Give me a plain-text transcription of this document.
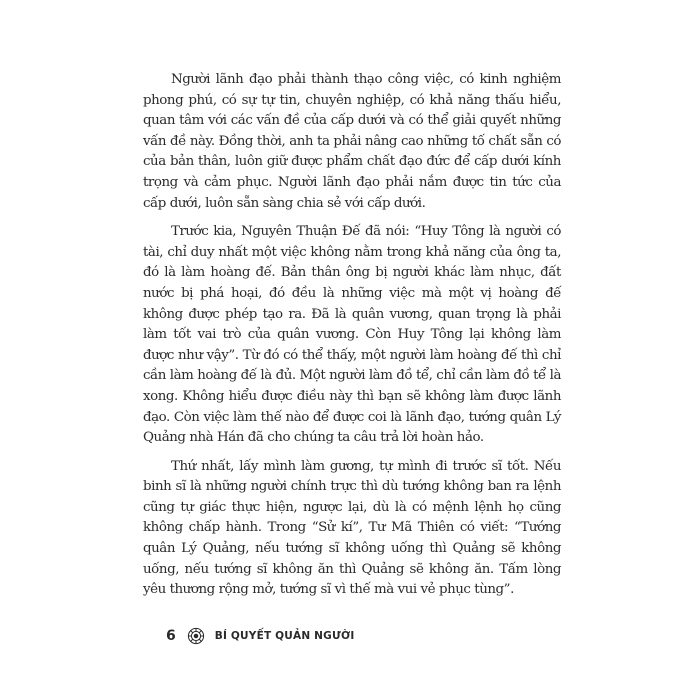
Người lãnh đạo phải thành thạo công việc, có kinh nghiệm phong phú, có sự tự tin, chuyên nghiệp, có khả năng thấu hiểu, quan tâm với các vấn đề của cấp dưới và có thể giải quyết những vấn đề này. Đồng thời, anh ta phải nâng cao những tố chất sẵn có của bản thân, luôn giữ được phẩm chất đạo đức để cấp dưới kính trọng và cảm phục. Người lãnh đạo phải nắm được tin tức của cấp dưới, luôn sẵn sàng chia sẻ với cấp dưới.

Trước kia, Nguyên Thuận Đế đã nói: “Huy Tông là người có tài, chỉ duy nhất một việc không nằm trong khả năng của ông ta, đó là làm hoàng đế. Bản thân ông bị người khác làm nhục, đất nước bị phá hoại, đó đều là những việc mà một vị hoàng đế không được phép tạo ra. Đã là quân vương, quan trọng là phải làm tốt vai trò của quân vương. Còn Huy Tông lại không làm được như vậy”. Từ đó có thể thấy, một người làm hoàng đế thì chỉ cần làm hoàng đế là đủ. Một người làm đồ tể, chỉ cần làm đồ tể là xong. Không hiểu được điều này thì bạn sẽ không làm được lãnh đạo. Còn việc làm thế nào để được coi là lãnh đạo, tướng quân Lý Quảng nhà Hán đã cho chúng ta câu trả lời hoàn hảo.

Thứ nhất, lấy mình làm gương, tự mình đi trước sĩ tốt. Nếu binh sĩ là những người chính trực thì dù tướng không ban ra lệnh cũng tự giác thực hiện, ngược lại, dù là có mệnh lệnh họ cũng không chấp hành. Trong “Sử kí”, Tư Mã Thiên có viết: “Tướng quân Lý Quảng, nếu tướng sĩ không uống thì Quảng sẽ không uống, nếu tướng sĩ không ăn thì Quảng sẽ không ăn. Tấm lòng yêu thương rộng mở, tướng sĩ vì thế mà vui vẻ phục tùng”.

6	BÍ QUYẾT QUẢN NGƯỜI
